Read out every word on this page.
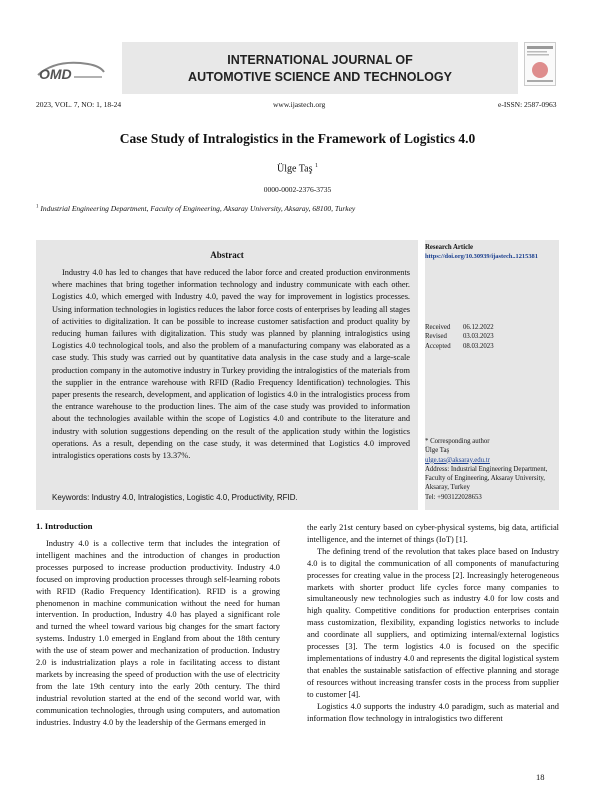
OMD
INTERNATIONAL JOURNAL OF
AUTOMOTIVE SCIENCE AND TECHNOLOGY
2023, VOL. 7, NO: 1, 18-24	www.ijastech.org	e-ISSN: 2587-0963
Case Study of Intralogistics in the Framework of Logistics 4.0
Ülge Taş $^1$
0000-0002-2376-3735
$^1$ Industrial Engineering Department, Faculty of Engineering, Aksaray University, Aksaray, 68100, Turkey
Abstract
Industry 4.0 has led to changes that have reduced the labor force and created production environments where machines that bring together information technology and industry communicate with each other. Logistics 4.0, which emerged with Industry 4.0, paved the way for improvement in logistics processes. Using information technologies in logistics reduces the labor force costs of enterprises by leading all stages of activities to digitalization. It can be possible to increase customer satisfaction and product quality by reducing human failures with digitalization. This study was planned by planning intralogistics using Logistics 4.0 technological tools, and also the problem of a manufacturing company was elaborated as a case study. This study was carried out by quantitative data analysis in the case study and a large-scale production company in the automotive industry in Turkey providing the intralogistics of the materials from the supplier in the entrance warehouse with RFID (Radio Frequency Identification) technologies. This paper presents the research, development, and application of logistics 4.0 in the intralogistics process from the entrance warehouse to the production lines. The aim of the case study was provided to information about the technologies available within the scope of Logistics 4.0 and contribute to the literature and industry with solution suggestions depending on the result of the application study within the logistics operations. As a result, depending on the case study, it was determined that Logistics 4.0 improved intralogistics operations costs by 13.37%.
Keywords: Industry 4.0, Intralogistics, Logistic 4.0, Productivity, RFID.
Research Article
https://doi.org/10.30939/ijastech..1215381
Received 06.12.2022
Revised 03.03.2023
Accepted 08.03.2023
* Corresponding author
Ülge Taş
ulge.tas@aksaray.edu.tr
Address: Industrial Engineering Department, Faculty of Engineering, Aksaray University, Aksaray, Turkey
Tel: +903122028653
1. Introduction

Industry 4.0 is a collective term that includes the integration of intelligent machines and the introduction of changes in production processes purposed to increase production productivity. Industry 4.0 focused on improving production processes through self-learning robots with RFID (Radio Frequency Identification). RFID is a growing phenomenon in machine communication without the need for human intervention. In production, Industry 4.0 has played a significant role and turned the wheel toward various big changes for the smart factory systems. Industry 1.0 emerged in England from about the 18th century with the use of steam power and mechanization of production. Industry 2.0 is industrialization plays a role in facilitating access to distant markets by increasing the speed of production with the use of electricity from the late 19th century into the early 20th century. The third industrial revolution started at the end of the second world war, with communication technologies, through using computers, and automation industries. Industry 4.0 by the leadership of the Germans emerged in

the early 21st century based on cyber-physical systems, big data, artificial intelligence, and the internet of things (IoT) [1].

The defining trend of the revolution that takes place based on Industry 4.0 is to digital the communication of all components of manufacturing processes for creating value in the process [2]. Increasingly heterogeneous markets with shorter product life cycles force many companies to simultaneously new technologies such as industry 4.0 for low costs and high quality. Competitive conditions for production enterprises contain mass customization, flexibility, expanding logistics networks to include and coordinate all suppliers, and optimizing internal/external logistics processes [3]. The term logistics 4.0 is focused on the specific implementations of industry 4.0 and represents the digital logistical system that enables the sustainable satisfaction of effective planning and storage of resources without increasing transfer costs in the process from supplier to customer [4].

Logistics 4.0 supports the industry 4.0 paradigm, such as material and information flow technology in intralogistics two different

18
